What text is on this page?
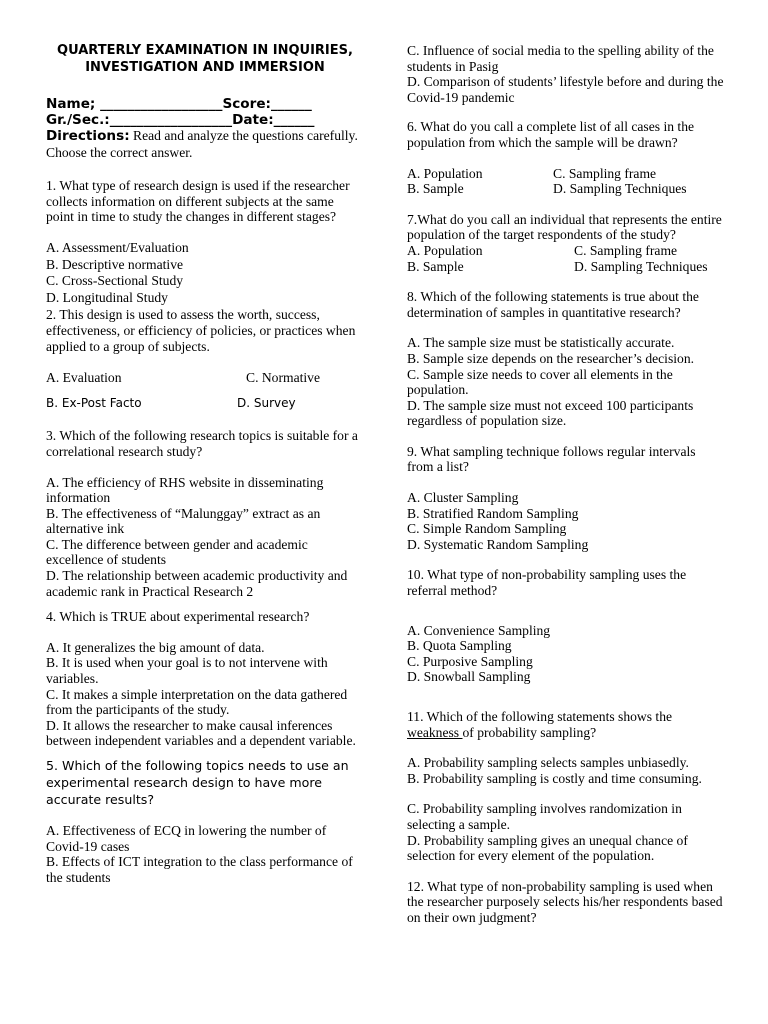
QUARTERLY EXAMINATION IN INQUIRIES, INVESTIGATION AND IMMERSION
Name; __________________Score:______
Gr./Sec.:__________________Date:______
Directions: Read and analyze the questions carefully. Choose the correct answer.
1. What type of research design is used if the researcher collects information on different subjects at the same point in time to study the changes in different stages?
A. Assessment/Evaluation
B. Descriptive normative
C. Cross-Sectional Study
D. Longitudinal Study
2. This design is used to assess the worth, success, effectiveness, or efficiency of policies, or practices when applied to a group of subjects.
A. Evaluation	C. Normative
B. Ex-Post Facto	D. Survey
3. Which of the following research topics is suitable for a correlational research study?
A. The efficiency of RHS website in disseminating information
B. The effectiveness of “Malunggay” extract as an alternative ink
C. The difference between gender and academic excellence of students
D. The relationship between academic productivity and academic rank in Practical Research 2
4. Which is TRUE about experimental research?
A. It generalizes the big amount of data.
B. It is used when your goal is to not intervene with variables.
C. It makes a simple interpretation on the data gathered from the participants of the study.
D. It allows the researcher to make causal inferences between independent variables and a dependent variable.
5. Which of the following topics needs to use an experimental research design to have more accurate results?
A. Effectiveness of ECQ in lowering the number of Covid-19 cases
B. Effects of ICT integration to the class performance of the students
C. Influence of social media to the spelling ability of the students in Pasig
D. Comparison of students’ lifestyle before and during the Covid-19 pandemic
6. What do you call a complete list of all cases in the population from which the sample will be drawn?
A. Population	C. Sampling frame
B. Sample	D. Sampling Techniques
7.What do you call an individual that represents the entire population of the target respondents of the study?
A. Population	C. Sampling frame
B. Sample	D. Sampling Techniques
8. Which of the following statements is true about the determination of samples in quantitative research?
A. The sample size must be statistically accurate.
B. Sample size depends on the researcher’s decision.
C. Sample size needs to cover all elements in the population.
D. The sample size must not exceed 100 participants regardless of population size.
9. What sampling technique follows regular intervals from a list?
A. Cluster Sampling
B. Stratified Random Sampling
C. Simple Random Sampling
D. Systematic Random Sampling
10. What type of non-probability sampling uses the referral method?
A. Convenience Sampling
B. Quota Sampling
C. Purposive Sampling
D. Snowball Sampling
11. Which of the following statements shows the weakness of probability sampling?
A. Probability sampling selects samples unbiasedly.
B. Probability sampling is costly and time consuming.
C. Probability sampling involves randomization in selecting a sample.
D. Probability sampling gives an unequal chance of selection for every element of the population.
12. What type of non-probability sampling is used when the researcher purposely selects his/her respondents based on their own judgment?
